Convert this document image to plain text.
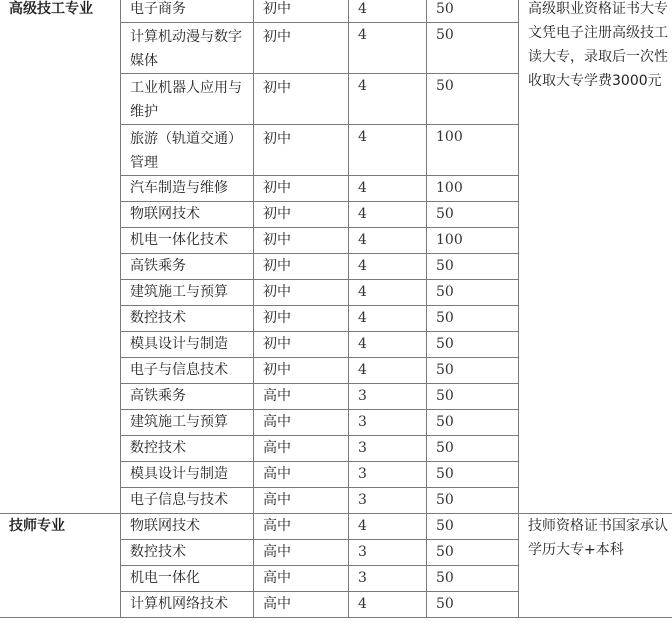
高级技工专业	电子商务	初中	4	50	高级职业资格证书大专文凭电子注册高级技工读大专，录取后一次性收取大专学费3000元
	计算机动漫与数字媒体	初中	4	50	
	工业机器人应用与维护	初中	4	50	
	旅游（轨道交通）管理	初中	4	100	
	汽车制造与维修	初中	4	100	
	物联网技术	初中	4	50	
	机电一体化技术	初中	4	100	
	高铁乘务	初中	4	50	
	建筑施工与预算	初中	4	50	
	数控技术	初中	4	50	
	模具设计与制造	初中	4	50	
	电子与信息技术	初中	4	50	
	高铁乘务	高中	3	50	
	建筑施工与预算	高中	3	50	
	数控技术	高中	3	50	
	模具设计与制造	高中	3	50	
	电子信息与技术	高中	3	50	
技师专业	物联网技术	高中	4	50	技师资格证书国家承认学历大专+本科
	数控技术	高中	3	50	
	机电一体化	高中	3	50	
	计算机网络技术	高中	4	50	
